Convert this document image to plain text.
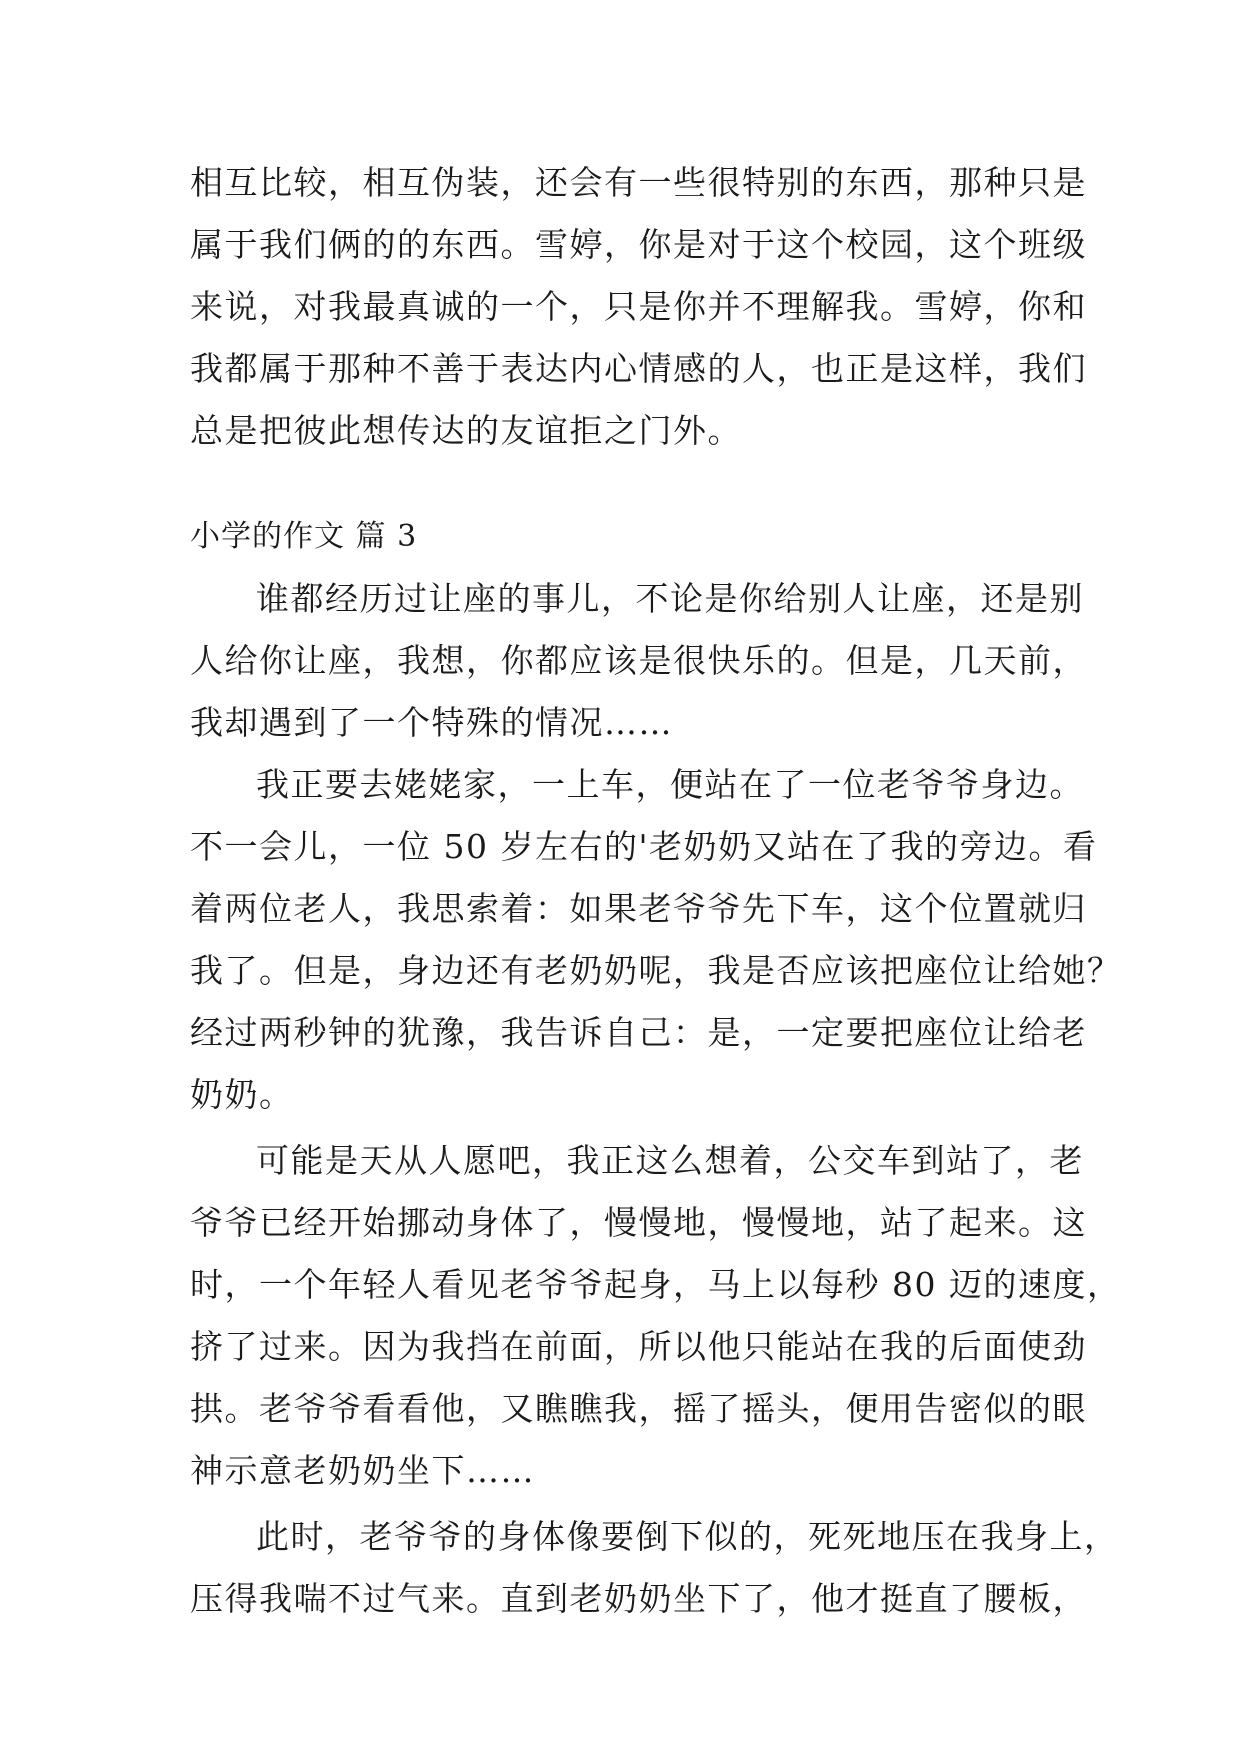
相互比较，相互伪装，还会有一些很特别的东西，那种只是
属于我们俩的的东西。雪婷，你是对于这个校园，这个班级
来说，对我最真诚的一个，只是你并不理解我。雪婷，你和
我都属于那种不善于表达内心情感的人，也正是这样，我们
总是把彼此想传达的友谊拒之门外。
小学的作文 篇 3
谁都经历过让座的事儿，不论是你给别人让座，还是别
人给你让座，我想，你都应该是很快乐的。但是，几天前，
我却遇到了一个特殊的情况……
我正要去姥姥家，一上车，便站在了一位老爷爷身边。
不一会儿，一位 50 岁左右的'老奶奶又站在了我的旁边。看
着两位老人，我思索着：如果老爷爷先下车，这个位置就归
我了。但是，身边还有老奶奶呢，我是否应该把座位让给她？
经过两秒钟的犹豫，我告诉自己：是，一定要把座位让给老
奶奶。
可能是天从人愿吧，我正这么想着，公交车到站了，老
爷爷已经开始挪动身体了，慢慢地，慢慢地，站了起来。这
时，一个年轻人看见老爷爷起身，马上以每秒 80 迈的速度，
挤了过来。因为我挡在前面，所以他只能站在我的后面使劲
拱。老爷爷看看他，又瞧瞧我，摇了摇头，便用告密似的眼
神示意老奶奶坐下……
此时，老爷爷的身体像要倒下似的，死死地压在我身上，
压得我喘不过气来。直到老奶奶坐下了，他才挺直了腰板，
